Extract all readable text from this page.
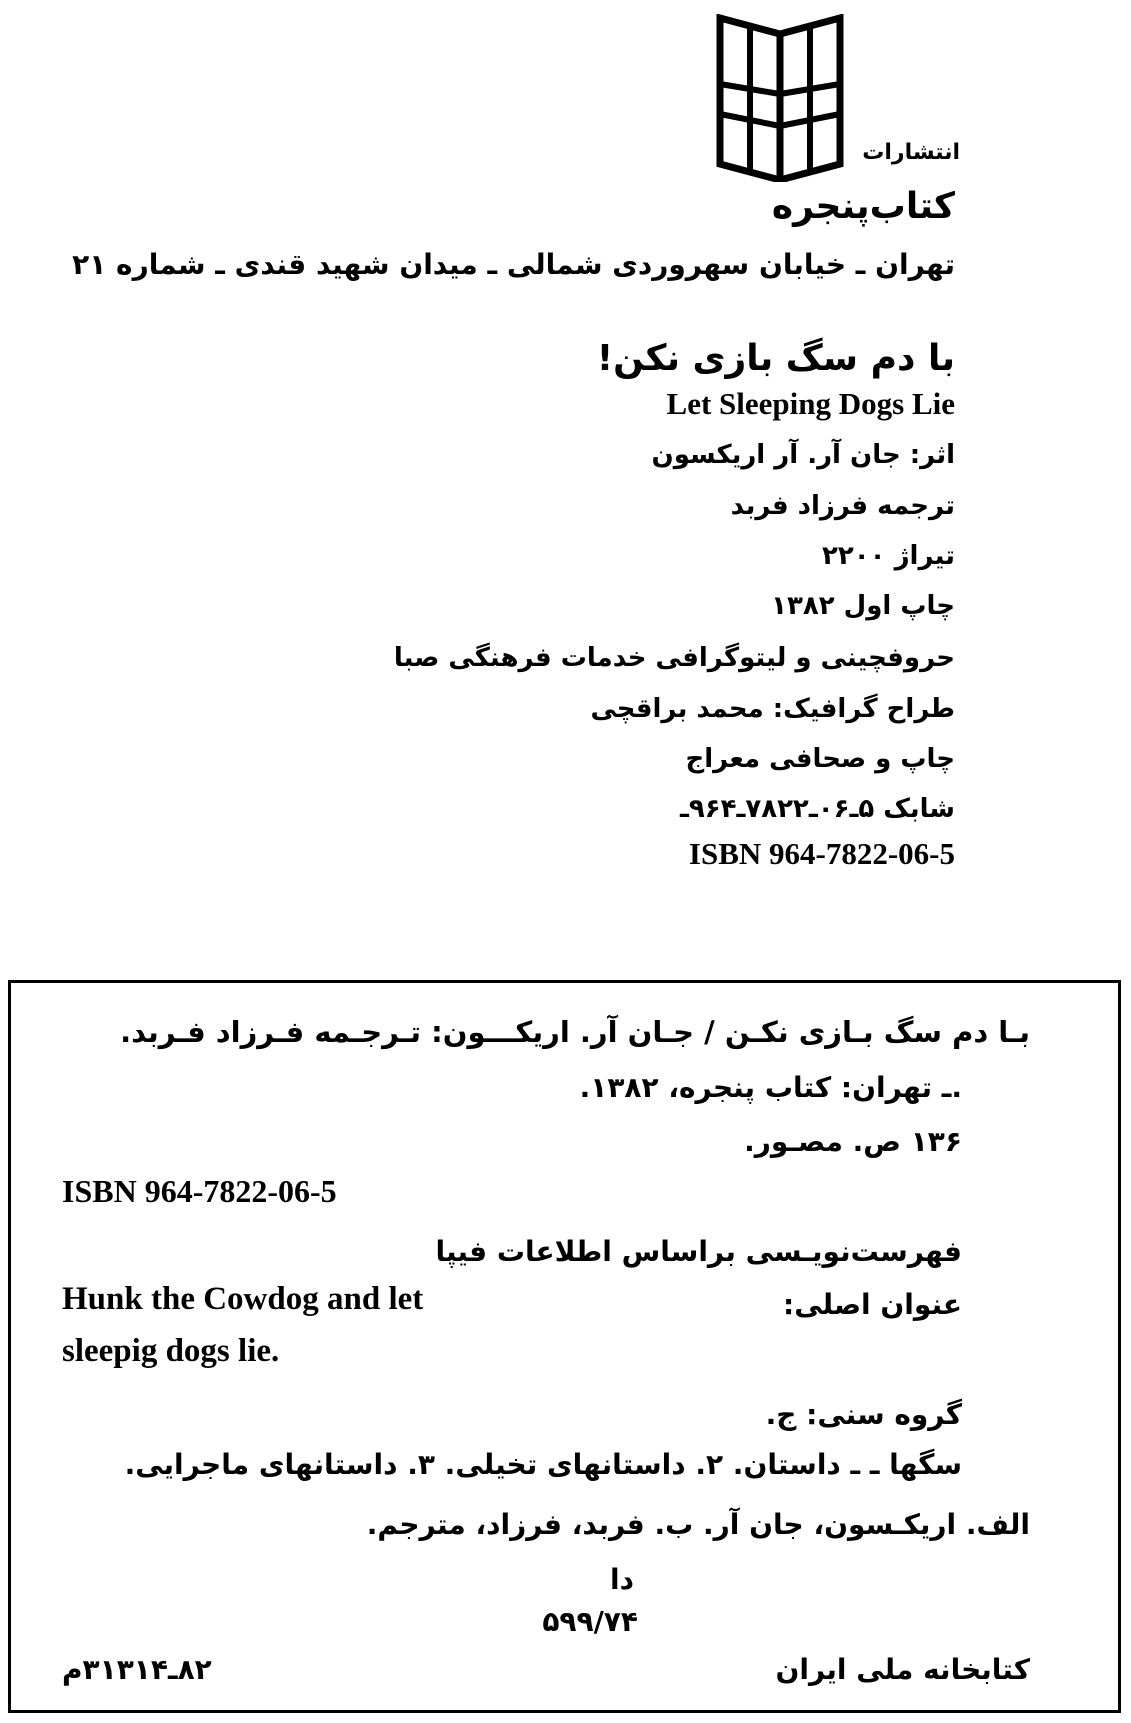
انتشارات
کتاب‌پنجره
تهران ـ خیابان سهروردی شمالی ـ میدان شهید قندی ـ شماره ۲۱
با دم سگ بازی نکن!
Let Sleeping Dogs Lie
اثر: جان آر. آر اریکسون
ترجمه فرزاد فربد
تیراژ ۲۲۰۰
چاپ اول ۱۳۸۲
حروفچینی و لیتوگرافی خدمات فرهنگی صبا
طراح گرافیک: محمد براقچی
چاپ و صحافی معراج
شابک ۵ـ۰۶ـ۷۸۲۲ـ۹۶۴ـ
ISBN 964-7822-06-5
بـا دم سگ بـازی نکـن / جـان آر. اریکـــون: تـرجـمه فـرزاد فـربد.
.ـ تهران: کتاب پنجره، ۱۳۸۲.
۱۳۶ ص. مصـور.
ISBN 964-7822-06-5
فهرست‌نویـسی براساس اطلاعات فیپا
عنوان اصلی:
Hunk the Cowdog and let
sleepig dogs lie.
گروه سنی: ج.
سگها ـ ـ داستان. ۲. داستانهای تخیلی. ۳. داستانهای ماجرایی.
الف. اریکـسون، جان آر. ب. فربد، فرزاد، مترجم.
دا
۵۹۹/۷۴
۸۲ـ۳۱۳۱۴م	کتابخانه ملی ایران
